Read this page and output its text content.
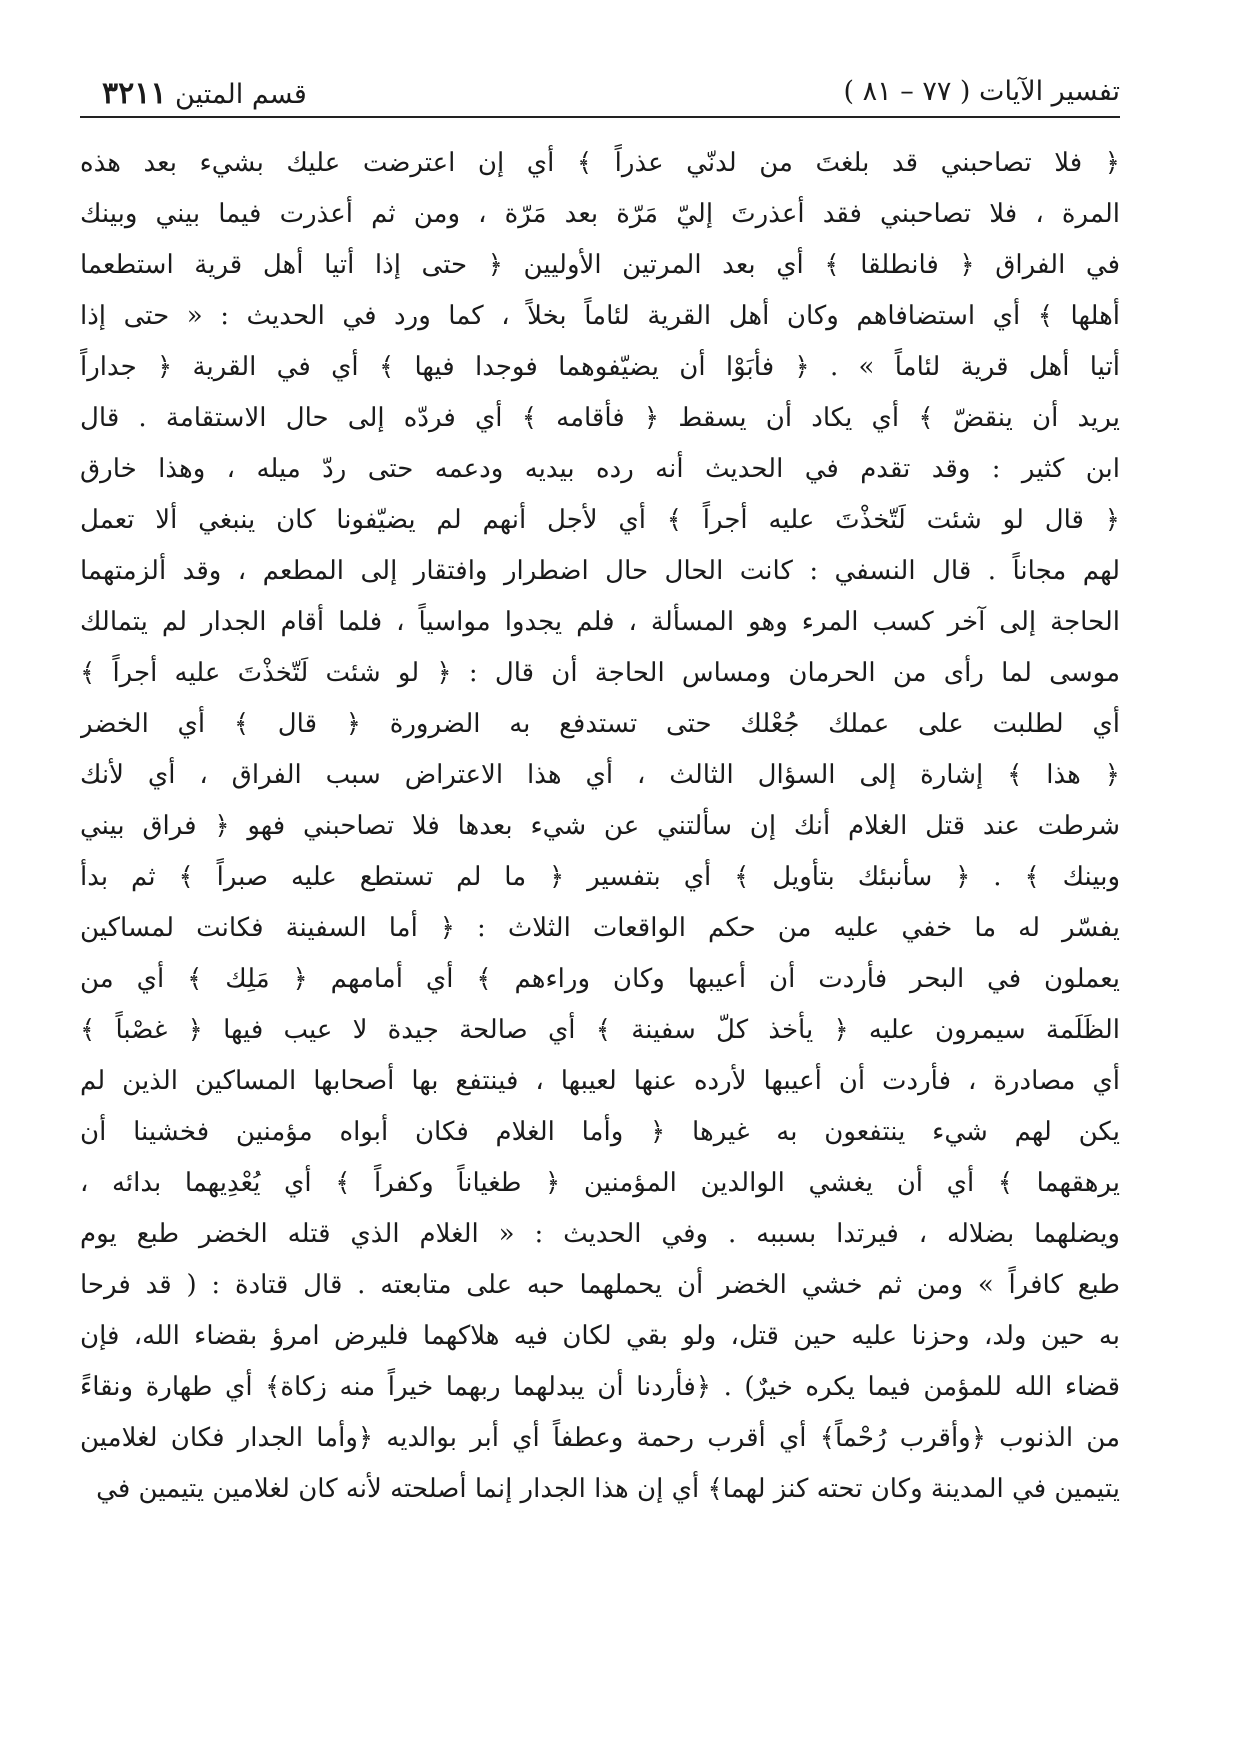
تفسير الآيات ( ٧٧ – ٨١ )
قسم المتين ٣٢١١
﴿ فلا تصاحبني قد بلغتَ من لدنّي عذراً ﴾ أي إن اعترضت عليك بشيء بعد هذه
المرة ، فلا تصاحبني فقد أعذرتَ إليّ مَرّة بعد مَرّة ، ومن ثم أعذرت فيما بيني وبينك
في الفراق ﴿ فانطلقا ﴾ أي بعد المرتين الأوليين ﴿ حتى إذا أتيا أهل قرية استطعما
أهلها ﴾ أي استضافاهم وكان أهل القرية لئاماً بخلاً ، كما ورد في الحديث : « حتى إذا
أتيا أهل قرية لئاماً » . ﴿ فأبَوْا أن يضيّفوهما فوجدا فيها ﴾ أي في القرية ﴿ جداراً
يريد أن ينقضّ ﴾ أي يكاد أن يسقط ﴿ فأقامه ﴾ أي فردّه إلى حال الاستقامة . قال
ابن كثير : وقد تقدم في الحديث أنه رده بيديه ودعمه حتى ردّ ميله ، وهذا خارق
﴿ قال لو شئت لَتّخذْتَ عليه أجراً ﴾ أي لأجل أنهم لم يضيّفونا كان ينبغي ألا تعمل
لهم مجاناً . قال النسفي : كانت الحال حال اضطرار وافتقار إلى المطعم ، وقد ألزمتهما
الحاجة إلى آخر كسب المرء وهو المسألة ، فلم يجدوا مواسياً ، فلما أقام الجدار لم يتمالك
موسى لما رأى من الحرمان ومساس الحاجة أن قال : ﴿ لو شئت لَتّخذْتَ عليه أجراً ﴾
أي لطلبت على عملك جُعْلك حتى تستدفع به الضرورة ﴿ قال ﴾ أي الخضر
﴿ هذا ﴾ إشارة إلى السؤال الثالث ، أي هذا الاعتراض سبب الفراق ، أي لأنك
شرطت عند قتل الغلام أنك إن سألتني عن شيء بعدها فلا تصاحبني فهو ﴿ فراق بيني
وبينك ﴾ . ﴿ سأنبئك بتأويل ﴾ أي بتفسير ﴿ ما لم تستطع عليه صبراً ﴾ ثم بدأ
يفسّر له ما خفي عليه من حكم الواقعات الثلاث : ﴿ أما السفينة فكانت لمساكين
يعملون في البحر فأردت أن أعيبها وكان وراءهم ﴾ أي أمامهم ﴿ مَلِك ﴾ أي من
الظَلَمة سيمرون عليه ﴿ يأخذ كلّ سفينة ﴾ أي صالحة جيدة لا عيب فيها ﴿ غصْباً ﴾
أي مصادرة ، فأردت أن أعيبها لأرده عنها لعيبها ، فينتفع بها أصحابها المساكين الذين لم
يكن لهم شيء ينتفعون به غيرها ﴿ وأما الغلام فكان أبواه مؤمنين فخشينا أن
يرهقهما ﴾ أي أن يغشي الوالدين المؤمنين ﴿ طغياناً وكفراً ﴾ أي يُعْدِيهما بدائه ،
ويضلهما بضلاله ، فيرتدا بسببه . وفي الحديث : « الغلام الذي قتله الخضر طبع يوم
طبع كافراً » ومن ثم خشي الخضر أن يحملهما حبه على متابعته . قال قتادة : ( قد فرحا
به حين ولد، وحزنا عليه حين قتل، ولو بقي لكان فيه هلاكهما فليرض امرؤ بقضاء الله، فإن
قضاء الله للمؤمن فيما يكره خيرٌ) . ﴿فأردنا أن يبدلهما ربهما خيراً منه زكاة﴾ أي طهارة ونقاءً
من الذنوب ﴿وأقرب رُحْماً﴾ أي أقرب رحمة وعطفاً أي أبر بوالديه ﴿وأما الجدار فكان لغلامين
يتيمين في المدينة وكان تحته كنز لهما﴾ أي إن هذا الجدار إنما أصلحته لأنه كان لغلامين يتيمين في
